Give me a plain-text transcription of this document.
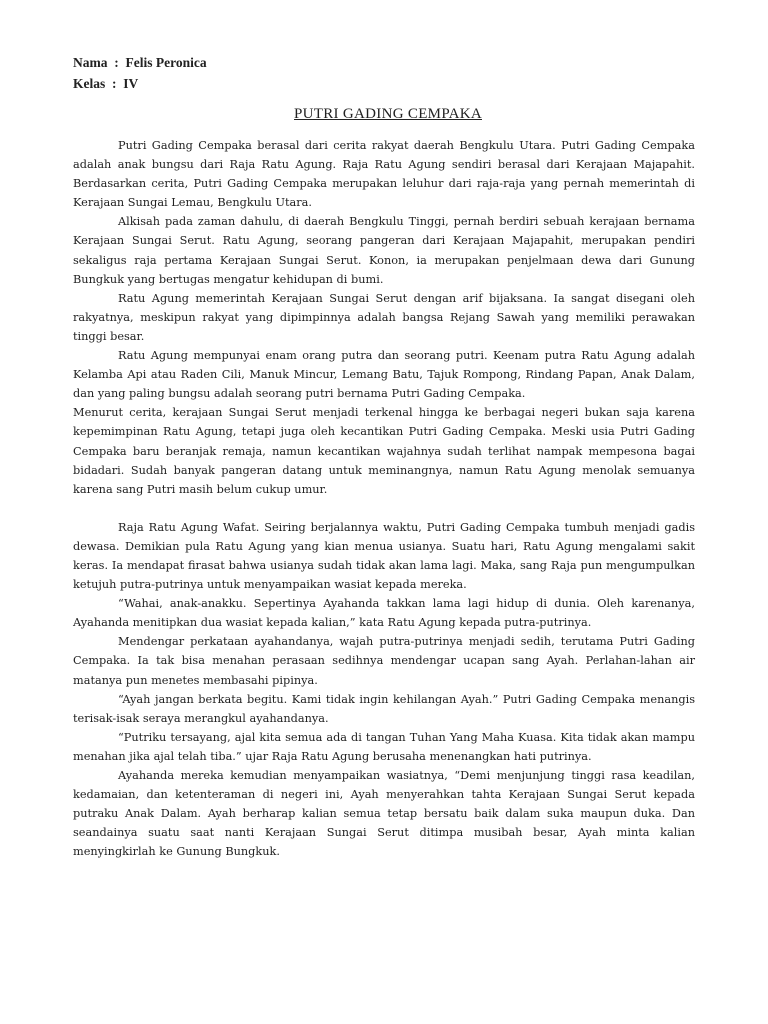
Nama  :  Felis Peronica
Kelas  :  IV
PUTRI GADING CEMPAKA

Putri Gading Cempaka berasal dari cerita rakyat daerah Bengkulu Utara. Putri Gading Cempaka adalah anak bungsu dari Raja Ratu Agung. Raja Ratu Agung sendiri berasal dari Kerajaan Majapahit. Berdasarkan cerita, Putri Gading Cempaka merupakan leluhur dari raja-raja yang pernah memerintah di Kerajaan Sungai Lemau, Bengkulu Utara.

Alkisah pada zaman dahulu, di daerah Bengkulu Tinggi, pernah berdiri sebuah kerajaan bernama Kerajaan Sungai Serut. Ratu Agung, seorang pangeran dari Kerajaan Majapahit, merupakan pendiri sekaligus raja pertama Kerajaan Sungai Serut. Konon, ia merupakan penjelmaan dewa dari Gunung Bungkuk yang bertugas mengatur kehidupan di bumi.

Ratu Agung memerintah Kerajaan Sungai Serut dengan arif bijaksana. Ia sangat disegani oleh rakyatnya, meskipun rakyat yang dipimpinnya adalah bangsa Rejang Sawah yang memiliki perawakan tinggi besar.

Ratu Agung mempunyai enam orang putra dan seorang putri. Keenam putra Ratu Agung adalah Kelamba Api atau Raden Cili, Manuk Mincur, Lemang Batu, Tajuk Rompong, Rindang Papan, Anak Dalam, dan yang paling bungsu adalah seorang putri bernama Putri Gading Cempaka.

Menurut cerita, kerajaan Sungai Serut menjadi terkenal hingga ke berbagai negeri bukan saja karena kepemimpinan Ratu Agung, tetapi juga oleh kecantikan Putri Gading Cempaka. Meski usia Putri Gading Cempaka baru beranjak remaja, namun kecantikan wajahnya sudah terlihat nampak mempesona bagai bidadari. Sudah banyak pangeran datang untuk meminangnya, namun Ratu Agung menolak semuanya karena sang Putri masih belum cukup umur.

Raja Ratu Agung Wafat. Seiring berjalannya waktu, Putri Gading Cempaka tumbuh menjadi gadis dewasa. Demikian pula Ratu Agung yang kian menua usianya. Suatu hari, Ratu Agung mengalami sakit keras. Ia mendapat firasat bahwa usianya sudah tidak akan lama lagi. Maka, sang Raja pun mengumpulkan ketujuh putra-putrinya untuk menyampaikan wasiat kepada mereka.

“Wahai, anak-anakku. Sepertinya Ayahanda takkan lama lagi hidup di dunia. Oleh karenanya, Ayahanda menitipkan dua wasiat kepada kalian,” kata Ratu Agung kepada putra-putrinya.

Mendengar perkataan ayahandanya, wajah putra-putrinya menjadi sedih, terutama Putri Gading Cempaka. Ia tak bisa menahan perasaan sedihnya mendengar ucapan sang Ayah. Perlahan-lahan air matanya pun menetes membasahi pipinya.

“Ayah jangan berkata begitu. Kami tidak ingin kehilangan Ayah.” Putri Gading Cempaka menangis terisak-isak seraya merangkul ayahandanya.

“Putriku tersayang, ajal kita semua ada di tangan Tuhan Yang Maha Kuasa. Kita tidak akan mampu menahan jika ajal telah tiba.” ujar Raja Ratu Agung berusaha menenangkan hati putrinya.

Ayahanda mereka kemudian menyampaikan wasiatnya, “Demi menjunjung tinggi rasa keadilan, kedamaian, dan ketenteraman di negeri ini, Ayah menyerahkan tahta Kerajaan Sungai Serut kepada putraku Anak Dalam. Ayah berharap kalian semua tetap bersatu baik dalam suka maupun duka. Dan seandainya suatu saat nanti Kerajaan Sungai Serut ditimpa musibah besar, Ayah minta kalian menyingkirlah ke Gunung Bungkuk.
